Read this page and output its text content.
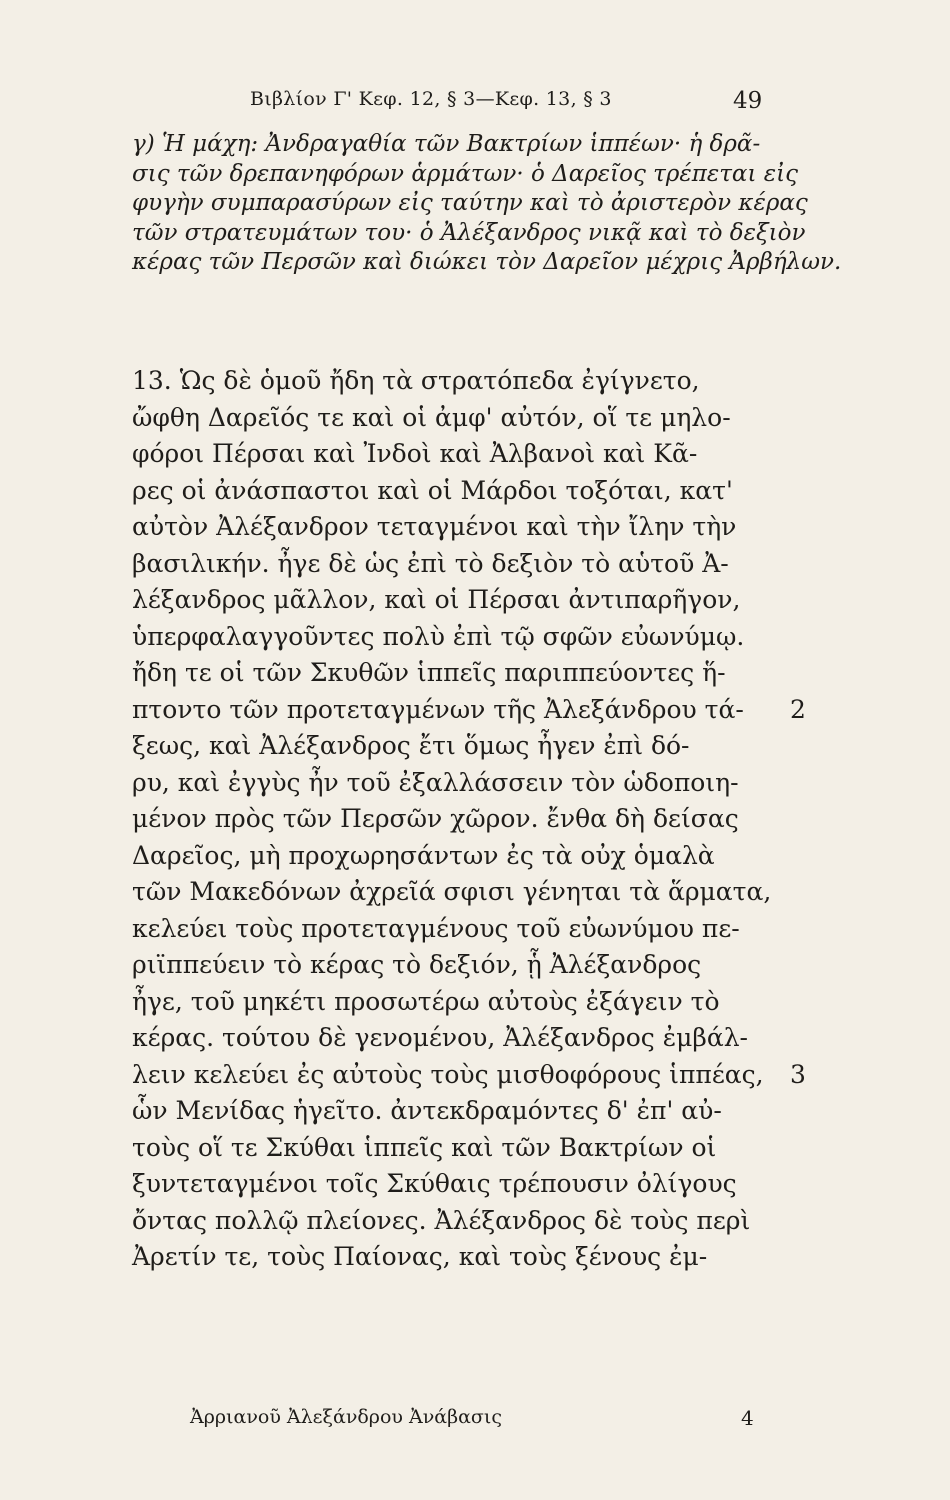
Βιβλίον Γ' Κεφ. 12, § 3—Κεφ. 13, § 3	49
γ) Ἡ μάχη: Ἀνδραγαθία τῶν Βακτρίων ἱππέων· ἡ δρᾶ-
σις τῶν δρεπανηφόρων ἁρμάτων· ὁ Δαρεῖος τρέπεται εἰς
φυγὴν συμπαρασύρων εἰς ταύτην καὶ τὸ ἀριστερὸν κέρας
τῶν στρατευμάτων του· ὁ Ἀλέξανδρος νικᾷ καὶ τὸ δεξιὸν
κέρας τῶν Περσῶν καὶ διώκει τὸν Δαρεῖον μέχρις Ἀρβήλων.
13. Ὡς δὲ ὁμοῦ ἤδη τὰ στρατόπεδα ἐγίγνετο,
ὤφθη Δαρεῖός τε καὶ οἱ ἀμφ' αὐτόν, οἵ τε μηλο-
φόροι Πέρσαι καὶ Ἰνδοὶ καὶ Ἀλβανοὶ καὶ Κᾶ-
ρες οἱ ἀνάσπαστοι καὶ οἱ Μάρδοι τοξόται, κατ'
αὐτὸν Ἀλέξανδρον τεταγμένοι καὶ τὴν ἴλην τὴν
βασιλικήν. ἦγε δὲ ὡς ἐπὶ τὸ δεξιὸν τὸ αὑτοῦ Ἀ-
λέξανδρος μᾶλλον, καὶ οἱ Πέρσαι ἀντιπαρῆγον,
ὑπερφαλαγγοῦντες πολὺ ἐπὶ τῷ σφῶν εὐωνύμῳ.
ἤδη τε οἱ τῶν Σκυθῶν ἱππεῖς παριππεύοντες ἥ-
πτοντο τῶν προτεταγμένων τῆς Ἀλεξάνδρου τά-
ξεως, καὶ Ἀλέξανδρος ἔτι ὅμως ἦγεν ἐπὶ δό-
ρυ, καὶ ἐγγὺς ἦν τοῦ ἐξαλλάσσειν τὸν ὡδοποιη-
μένον πρὸς τῶν Περσῶν χῶρον. ἔνθα δὴ δείσας
Δαρεῖος, μὴ προχωρησάντων ἐς τὰ οὐχ ὁμαλὰ
τῶν Μακεδόνων ἀχρεῖά σφισι γένηται τὰ ἅρματα,
κελεύει τοὺς προτεταγμένους τοῦ εὐωνύμου πε-
ριϊππεύειν τὸ κέρας τὸ δεξιόν, ᾗ Ἀλέξανδρος
ἦγε, τοῦ μηκέτι προσωτέρω αὐτοὺς ἐξάγειν τὸ
κέρας. τούτου δὲ γενομένου, Ἀλέξανδρος ἐμβάλ-
λειν κελεύει ἐς αὐτοὺς τοὺς μισθοφόρους ἱππέας,
ὧν Μενίδας ἡγεῖτο. ἀντεκδραμόντες δ' ἐπ' αὐ-
τοὺς οἵ τε Σκύθαι ἱππεῖς καὶ τῶν Βακτρίων οἱ
ξυντεταγμένοι τοῖς Σκύθαις τρέπουσιν ὀλίγους
ὄντας πολλῷ πλείονες. Ἀλέξανδρος δὲ τοὺς περὶ
Ἀρετίν τε, τοὺς Παίονας, καὶ τοὺς ξένους ἐμ-
2
3
Ἀρριανοῦ Ἀλεξάνδρου Ἀνάβασις	4
